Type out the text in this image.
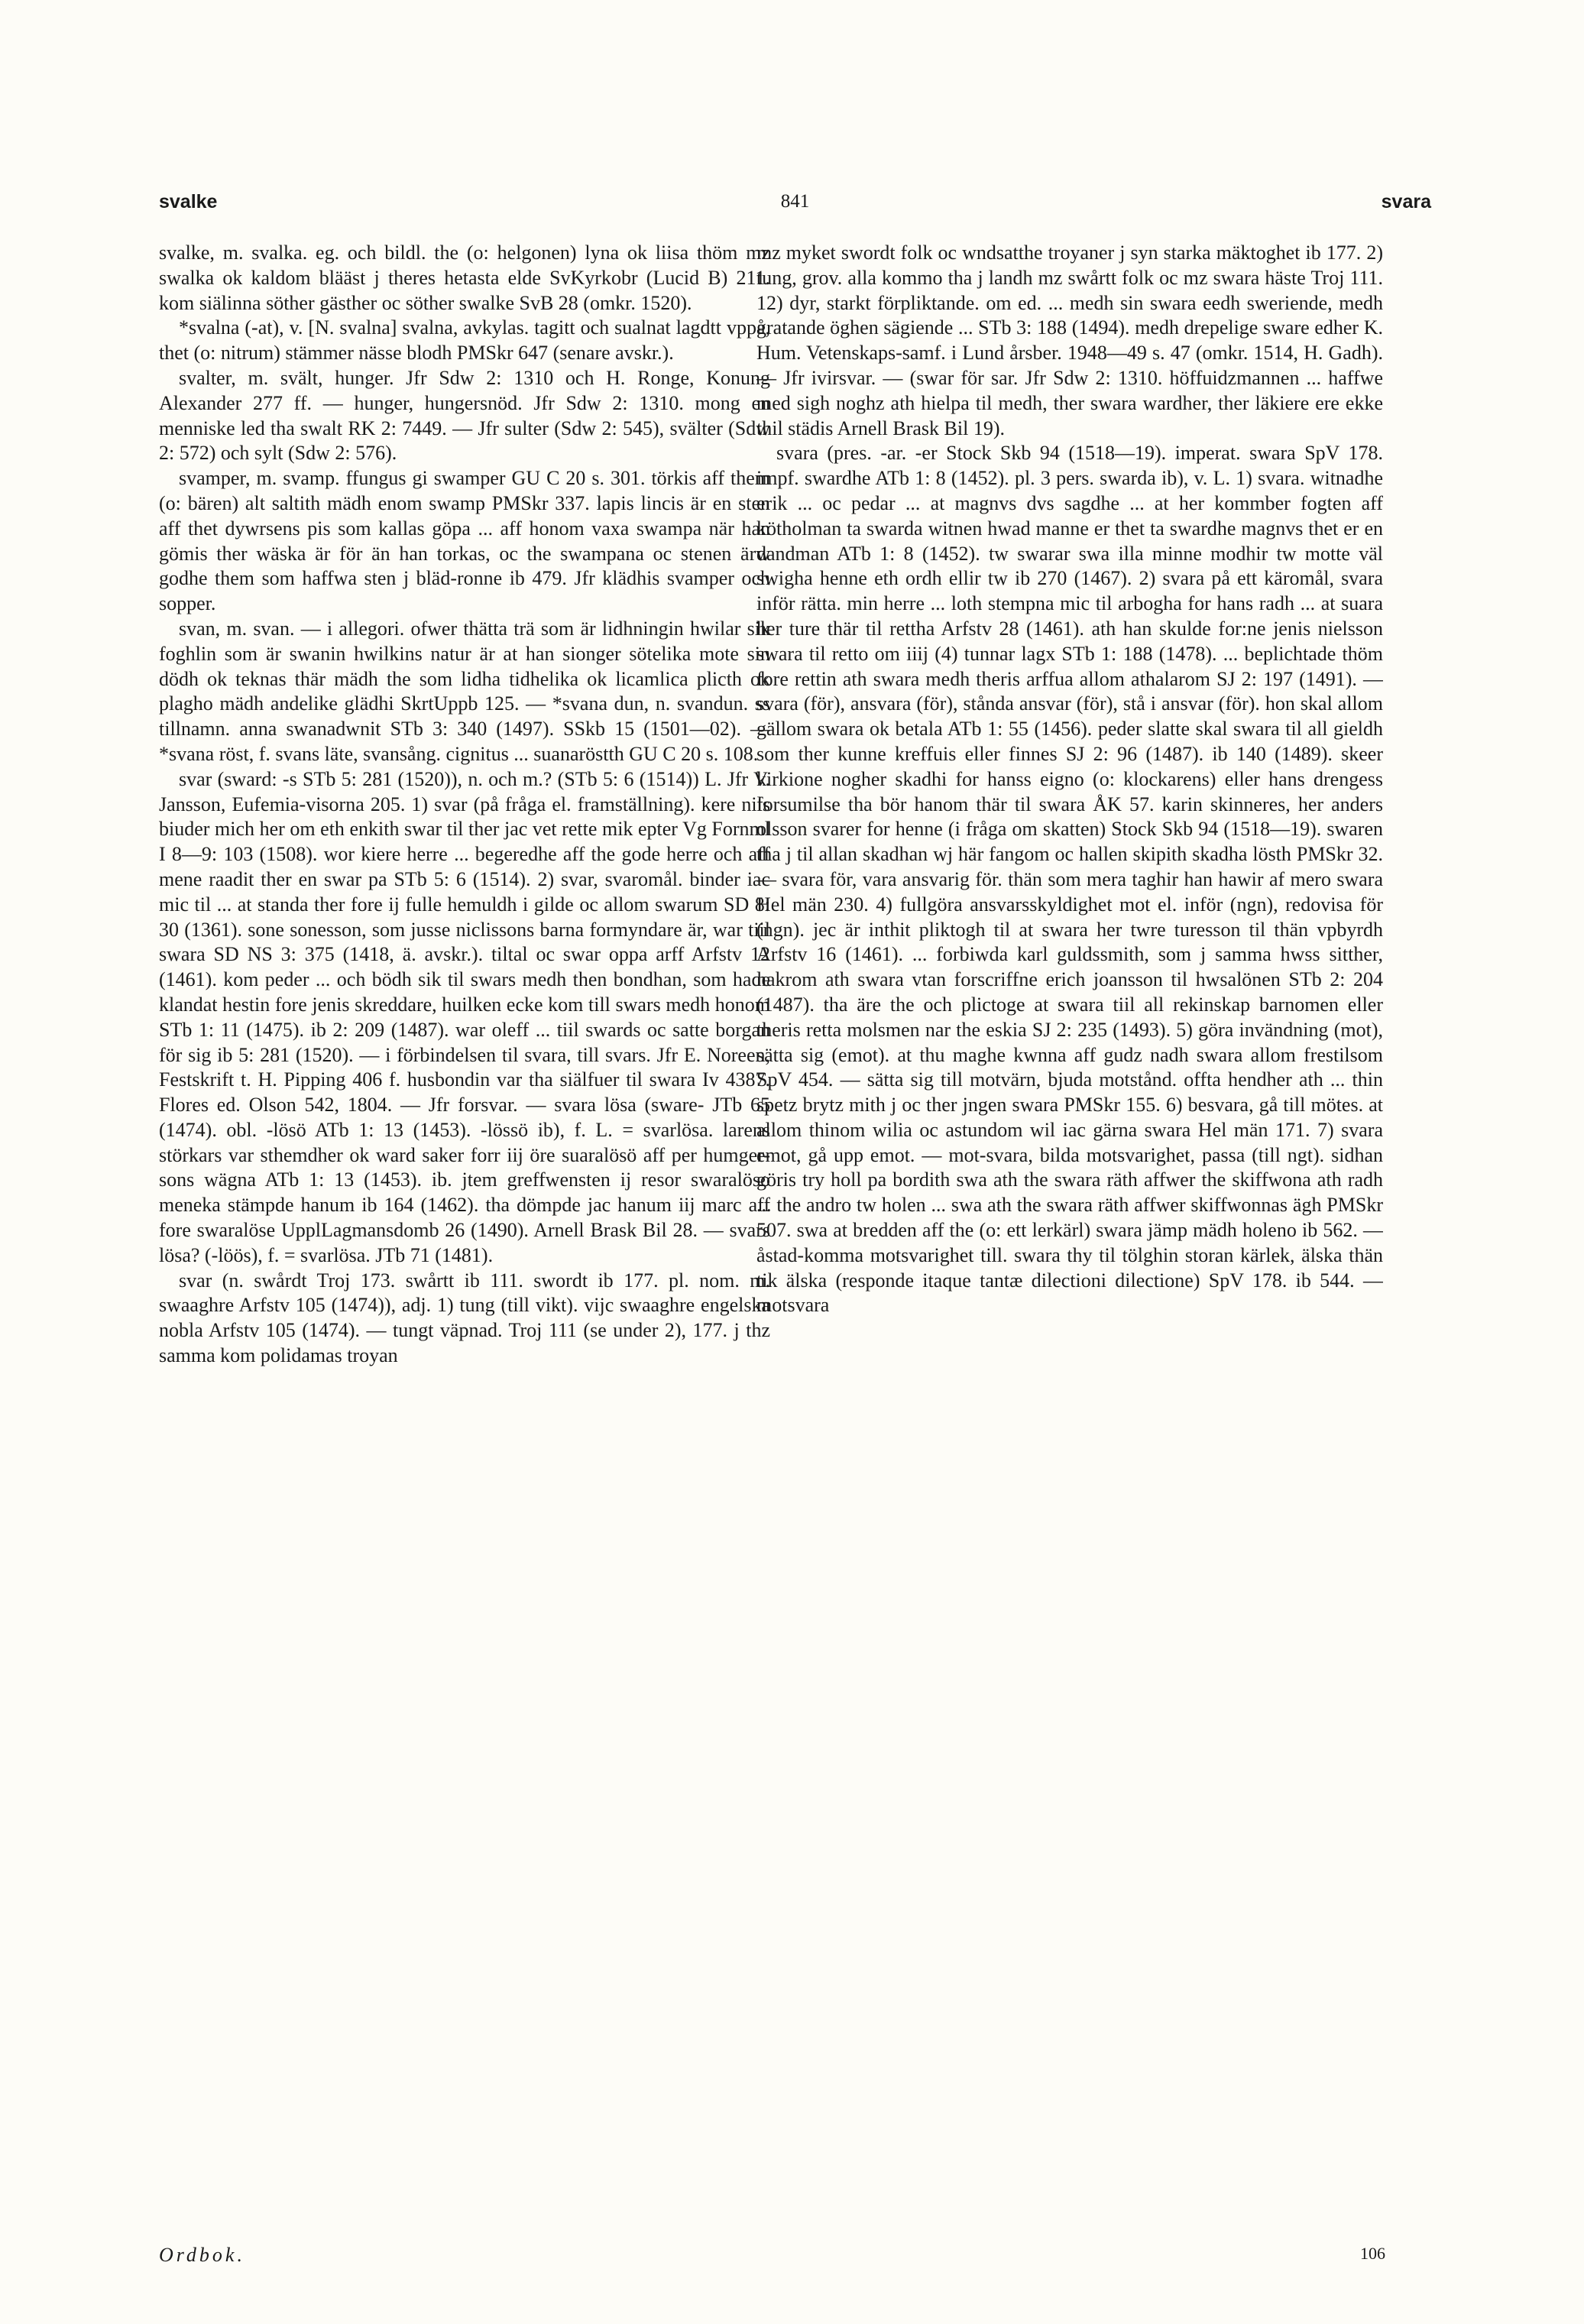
svalke	841	svara

svalke, m. svalka. eg. och bildl. the (o: helgonen) lyna ok liisa thöm mz swalka ok kaldom blääst j theres hetasta elde SvKyrkobr (Lucid B) 211. kom siälinna söther gästher oc söther swalke SvB 28 (omkr. 1520).

*svalna (-at), v. [N. svalna] svalna, avkylas. tagitt och sualnat lagdtt vppå, thet (o: nitrum) stämmer nässe blodh PMSkr 647 (senare avskr.).

svalter, m. svält, hunger. Jfr Sdw 2: 1310 och H. Ronge, Konung Alexander 277 ff. — hunger, hungersnöd. Jfr Sdw 2: 1310. mong en menniske led tha swalt RK 2: 7449. — Jfr sulter (Sdw 2: 545), svälter (Sdw 2: 572) och sylt (Sdw 2: 576).

svamper, m. svamp. ffungus gi swamper GU C 20 s. 301. törkis aff them (o: bären) alt saltith mädh enom swamp PMSkr 337. lapis lincis är en sten aff thet dywrsens pis som kallas göpa ... aff honom vaxa swampa när han gömis ther wäska är för än han torkas, oc the swampana oc stenen ärw godhe them som haffwa sten j bläd-ronne ib 479. Jfr klädhis svamper och sopper.

svan, m. svan. — i allegori. ofwer thätta trä som är lidhningin hwilar sik foghlin som är swanin hwilkins natur är at han sionger sötelika mote sin dödh ok teknas thär mädh the som lidha tidhelika ok licamlica plicth ok plagho mädh andelike glädhi SkrtUppb 125. — *svana dun, n. svandun. ss tillnamn. anna swanadwnit STb 3: 340 (1497). SSkb 15 (1501—02). — *svana röst, f. svans läte, svansång. cignitus ... suanaröstth GU C 20 s. 108.

svar (sward: -s STb 5: 281 (1520)), n. och m.? (STb 5: 6 (1514)) L. Jfr V. Jansson, Eufemia-visorna 205. 1) svar (på fråga el. framställning). kere nils biuder mich her om eth enkith swar til ther jac vet rette mik epter Vg Fornml I 8—9: 103 (1508). wor kiere herre ... begeredhe aff the gode herre och aff mene raadit ther en swar pa STb 5: 6 (1514). 2) svar, svaromål. binder iac mic til ... at standa ther fore ij fulle hemuldh i gilde oc allom swarum SD 8: 30 (1361). sone sonesson, som jusse niclissons barna formyndare är, war tiil swara SD NS 3: 375 (1418, ä. avskr.). tiltal oc swar oppa arff Arfstv 12 (1461). kom peder ... och bödh sik til swars medh then bondhan, som hade klandat hestin fore jenis skreddare, huilken ecke kom till swars medh honom STb 1: 11 (1475). ib 2: 209 (1487). war oleff ... tiil swards oc satte borgan för sig ib 5: 281 (1520). — i förbindelsen til svara, till svars. Jfr E. Noreen, Festskrift t. H. Pipping 406 f. husbondin var tha siälfuer til swara Iv 4387. Flores ed. Olson 542, 1804. — Jfr forsvar. — svara lösa (sware- JTb 65 (1474). obl. -lösö ATb 1: 13 (1453). -lössö ib), f. L. = svarlösa. larens störkars var sthemdher ok ward saker forr iij öre suaralösö aff per humger-sons wägna ATb 1: 13 (1453). ib. jtem greffwensten ij resor swaralöso meneka stämpde hanum ib 164 (1462). tha dömpde jac hanum iij marc aff fore swaralöse UpplLagmansdomb 26 (1490). Arnell Brask Bil 28. — svars lösa? (-löös), f. = svarlösa. JTb 71 (1481).

svar (n. swårdt Troj 173. swårtt ib 111. swordt ib 177. pl. nom. m. swaaghre Arfstv 105 (1474)), adj. 1) tung (till vikt). vijc swaaghre engelska nobla Arfstv 105 (1474). — tungt väpnad. Troj 111 (se under 2), 177. j thz samma kom polidamas troyan

mz myket swordt folk oc wndsatthe troyaner j syn starka mäktoghet ib 177. 2) tung, grov. alla kommo tha j landh mz swårtt folk oc mz swara häste Troj 111. 12) dyr, starkt förpliktande. om ed. ... medh sin swara eedh sweriende, medh gratande öghen sägiende ... STb 3: 188 (1494). medh drepelige sware edher K. Hum. Vetenskaps-samf. i Lund årsber. 1948—49 s. 47 (omkr. 1514, H. Gadh). — Jfr ivirsvar. — (swar för sar. Jfr Sdw 2: 1310. höffuidzmannen ... haffwe med sigh noghz ath hielpa til medh, ther swara wardher, ther läkiere ere ekke thil städis Arnell Brask Bil 19).

svara (pres. -ar. -er Stock Skb 94 (1518—19). imperat. swara SpV 178. impf. swardhe ATb 1: 8 (1452). pl. 3 pers. swarda ib), v. L. 1) svara. witnadhe erik ... oc pedar ... at magnvs dvs sagdhe ... at her kommber fogten aff kötholman ta swarda witnen hwad manne er thet ta swardhe magnvs thet er en dandman ATb 1: 8 (1452). tw swarar swa illa minne modhir tw motte väl swigha henne eth ordh ellir tw ib 270 (1467). 2) svara på ett käromål, svara inför rätta. min herre ... loth stempna mic til arbogha for hans radh ... at suara her ture thär til rettha Arfstv 28 (1461). ath han skulde for:ne jenis nielsson swara til retto om iiij (4) tunnar lagx STb 1: 188 (1478). ... beplichtade thöm fore rettin ath swara medh theris arffua allom athalarom SJ 2: 197 (1491). — svara (för), ansvara (för), stånda ansvar (för), stå i ansvar (för). hon skal allom gällom swara ok betala ATb 1: 55 (1456). peder slatte skal swara til all gieldh som ther kunne kreffuis eller finnes SJ 2: 96 (1487). ib 140 (1489). skeer kirkione nogher skadhi for hanss eigno (o: klockarens) eller hans drengess forsumilse tha bör hanom thär til swara ÅK 57. karin skinneres, her anders olsson svarer for henne (i fråga om skatten) Stock Skb 94 (1518—19). swaren tha j til allan skadhan wj här fangom oc hallen skipith skadha lösth PMSkr 32. — svara för, vara ansvarig för. thän som mera taghir han hawir af mero swara Hel män 230. 4) fullgöra ansvarsskyldighet mot el. inför (ngn), redovisa för (ngn). jec är inthit pliktogh til at swara her twre turesson til thän vpbyrdh Arfstv 16 (1461). ... forbiwda karl guldssmith, som j samma hwss sitther, nakrom ath swara vtan forscriffne erich joansson til hwsalönen STb 2: 204 (1487). tha äre the och plictoge at swara tiil all rekinskap barnomen eller theris retta molsmen nar the eskia SJ 2: 235 (1493). 5) göra invändning (mot), sätta sig (emot). at thu maghe kwnna aff gudz nadh swara allom frestilsom SpV 454. — sätta sig till motvärn, bjuda motstånd. offta hendher ath ... thin spetz brytz mith j oc ther jngen swara PMSkr 155. 6) besvara, gå till mötes. at allom thinom wilia oc astundom wil iac gärna swara Hel män 171. 7) svara emot, gå upp emot. — mot-svara, bilda motsvarighet, passa (till ngt). sidhan göris try holl pa bordith swa ath the swara räth affwer the skiffwona ath radh ... the andro tw holen ... swa ath the swara räth affwer skiffwonnas ägh PMSkr 507. swa at bredden aff the (o: ett lerkärl) swara jämp mädh holeno ib 562. — åstad-komma motsvarighet till. swara thy til tölghin storan kärlek, älska thän tik älska (responde itaque tantæ dilectioni dilectione) SpV 178. ib 544. — motsvara

Ordbok.	106
